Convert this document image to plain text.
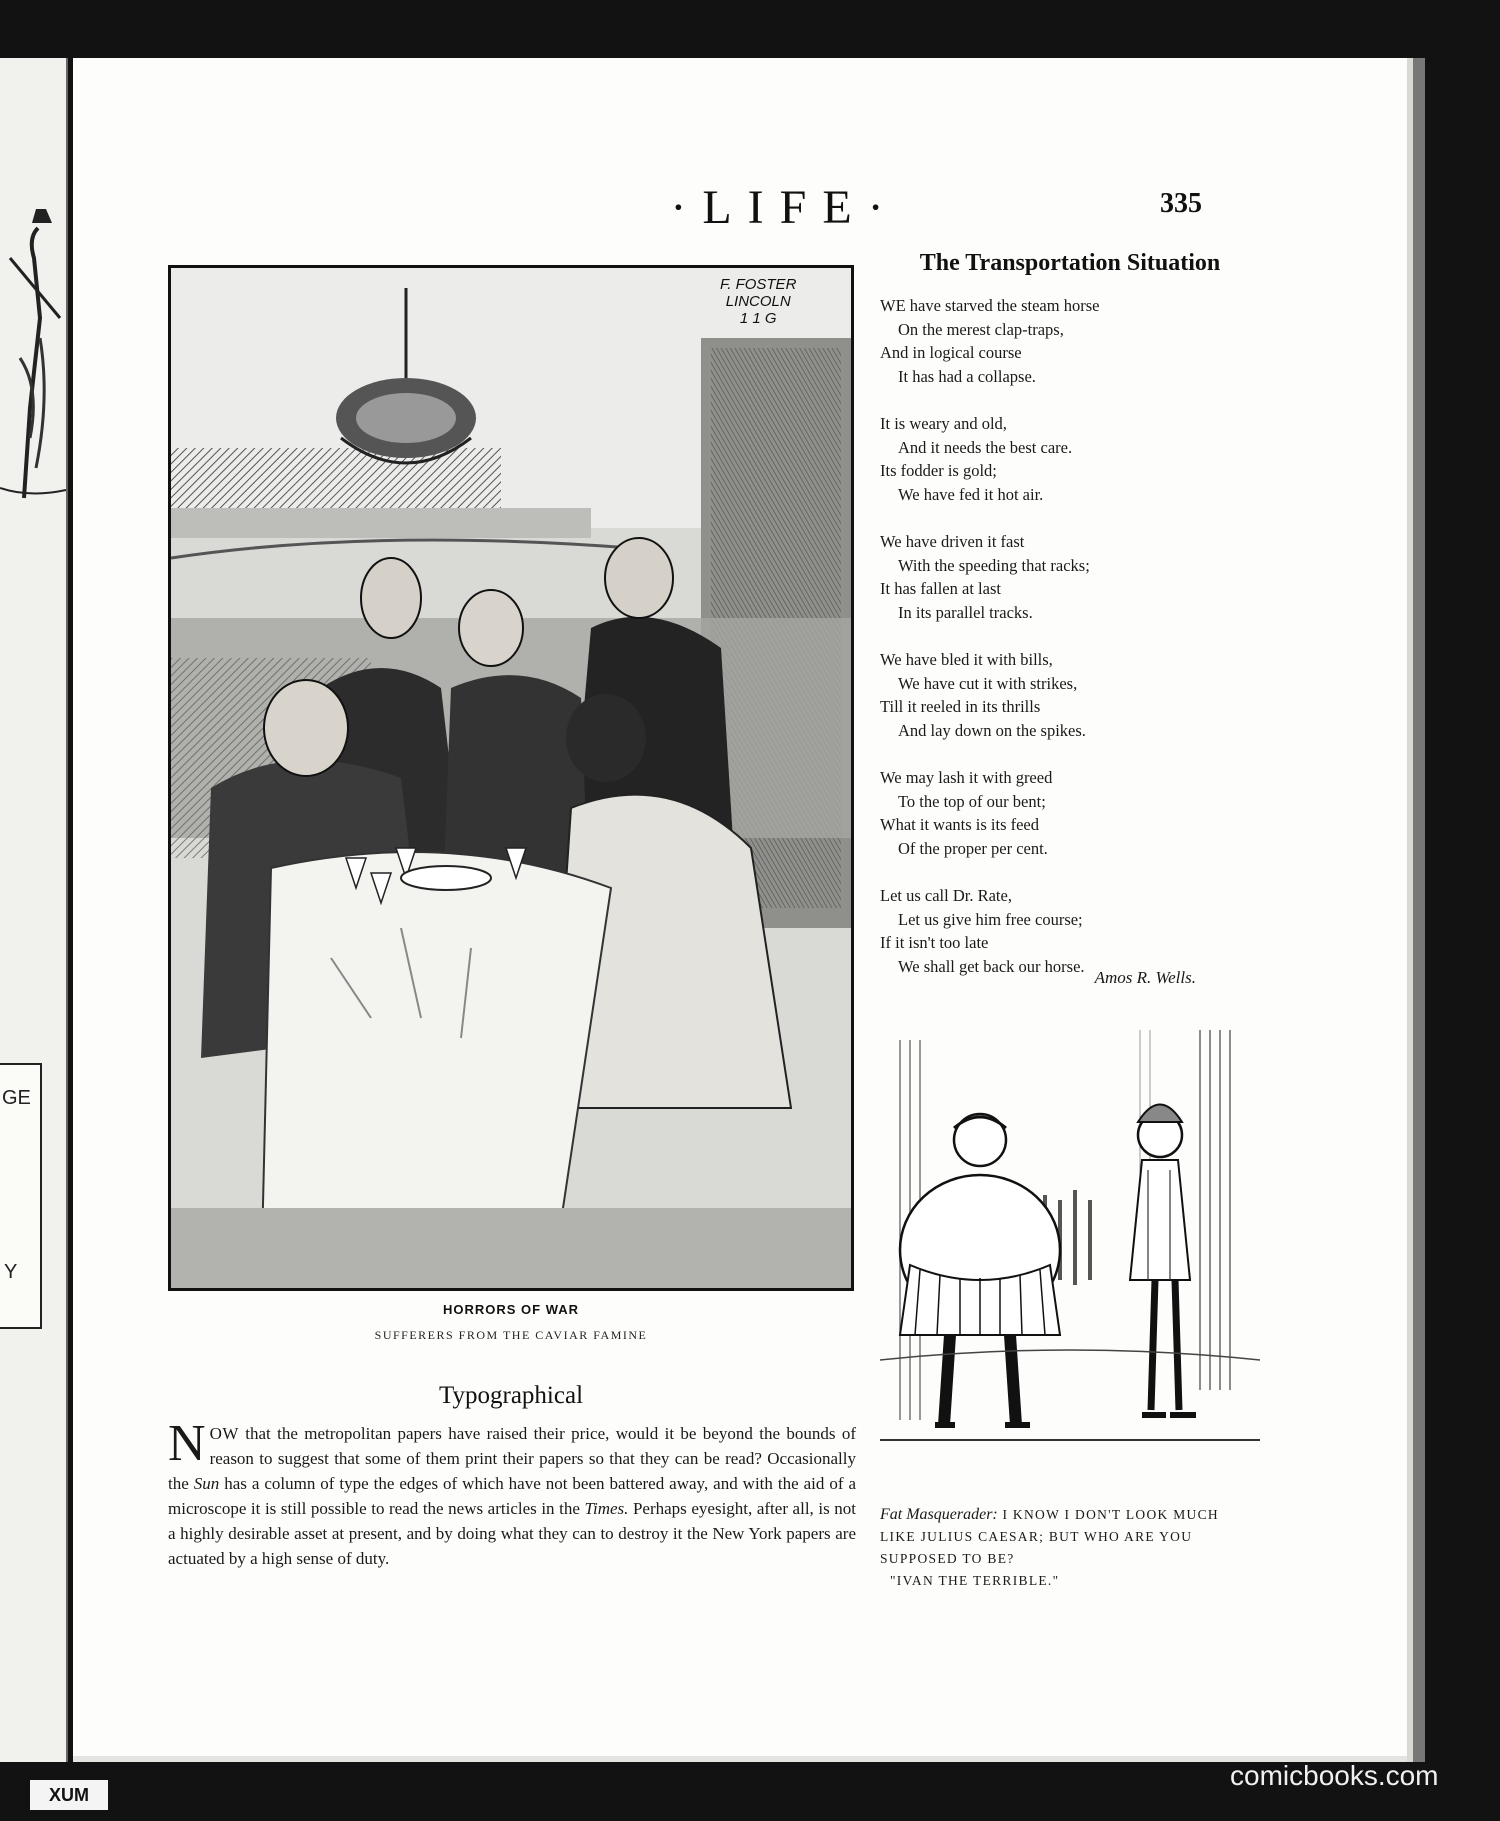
GE
Y
·LIFE·	335
F. FOSTER
LINCOLN
1 1 G
HORRORS OF WAR
SUFFERERS FROM THE CAVIAR FAMINE
Typographical
NOW that the metropolitan papers have raised their price, would it be beyond the bounds of reason to suggest that some of them print their papers so that they can be read? Occasionally the Sun has a column of type the edges of which have not been battered away, and with the aid of a microscope it is still possible to read the news articles in the Times. Perhaps eyesight, after all, is not a highly desirable asset at present, and by doing what they can to destroy it the New York papers are actuated by a high sense of duty.
The Transportation Situation
WE have starved the steam horse
On the merest clap-traps,
And in logical course
It has had a collapse.
It is weary and old,
And it needs the best care.
Its fodder is gold;
We have fed it hot air.
We have driven it fast
With the speeding that racks;
It has fallen at last
In its parallel tracks.
We have bled it with bills,
We have cut it with strikes,
Till it reeled in its thrills
And lay down on the spikes.
We may lash it with greed
To the top of our bent;
What it wants is its feed
Of the proper per cent.
Let us call Dr. Rate,
Let us give him free course;
If it isn't too late
We shall get back our horse.
Amos R. Wells.
Fat Masquerader: I KNOW I DON'T LOOK MUCH LIKE JULIUS CAESAR; BUT WHO ARE YOU SUPPOSED TO BE?
"IVAN THE TERRIBLE."
XUM
comicbooks.com
